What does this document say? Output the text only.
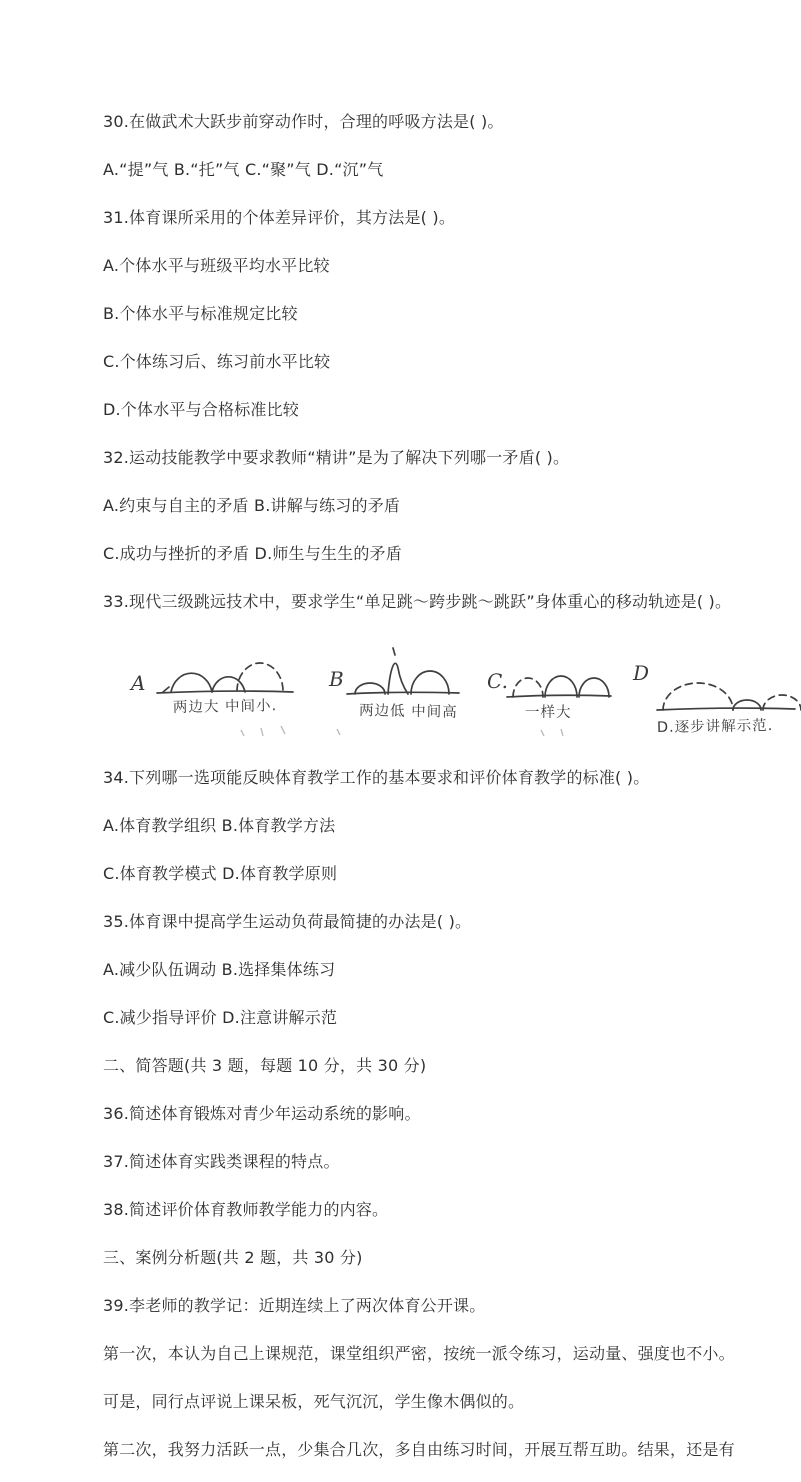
30.在做武术大跃步前穿动作时，合理的呼吸方法是( )。

A.“提”气 B.“托”气 C.“聚”气 D.“沉”气

31.体育课所采用的个体差异评价，其方法是( )。

A.个体水平与班级平均水平比较

B.个体水平与标准规定比较

C.个体练习后、练习前水平比较

D.个体水平与合格标准比较

32.运动技能教学中要求教师“精讲”是为了解决下列哪一矛盾( )。

A.约束与自主的矛盾 B.讲解与练习的矛盾

C.成功与挫折的矛盾 D.师生与生生的矛盾

33.现代三级跳远技术中，要求学生“单足跳～跨步跳～跳跃”身体重心的移动轨迹是( )。

A
两边大 中间小.
B
两边低 中间高
C.
一样大
D
D.逐步讲解示范.

34.下列哪一选项能反映体育教学工作的基本要求和评价体育教学的标准( )。

A.体育教学组织 B.体育教学方法

C.体育教学模式 D.体育教学原则

35.体育课中提高学生运动负荷最简捷的办法是( )。

A.减少队伍调动 B.选择集体练习

C.减少指导评价 D.注意讲解示范

二、简答题(共 3 题，每题 10 分，共 30 分)

36.简述体育锻炼对青少年运动系统的影响。

37.简述体育实践类课程的特点。

38.简述评价体育教师教学能力的内容。

三、案例分析题(共 2 题，共 30 分)

39.李老师的教学记：近期连续上了两次体育公开课。

第一次，本认为自己上课规范，课堂组织严密，按统一派令练习，运动量、强度也不小。

可是，同行点评说上课呆板，死气沉沉，学生像木偶似的。

第二次，我努力活跃一点，少集合几次，多自由练习时间，开展互帮互助。结果，还是有
